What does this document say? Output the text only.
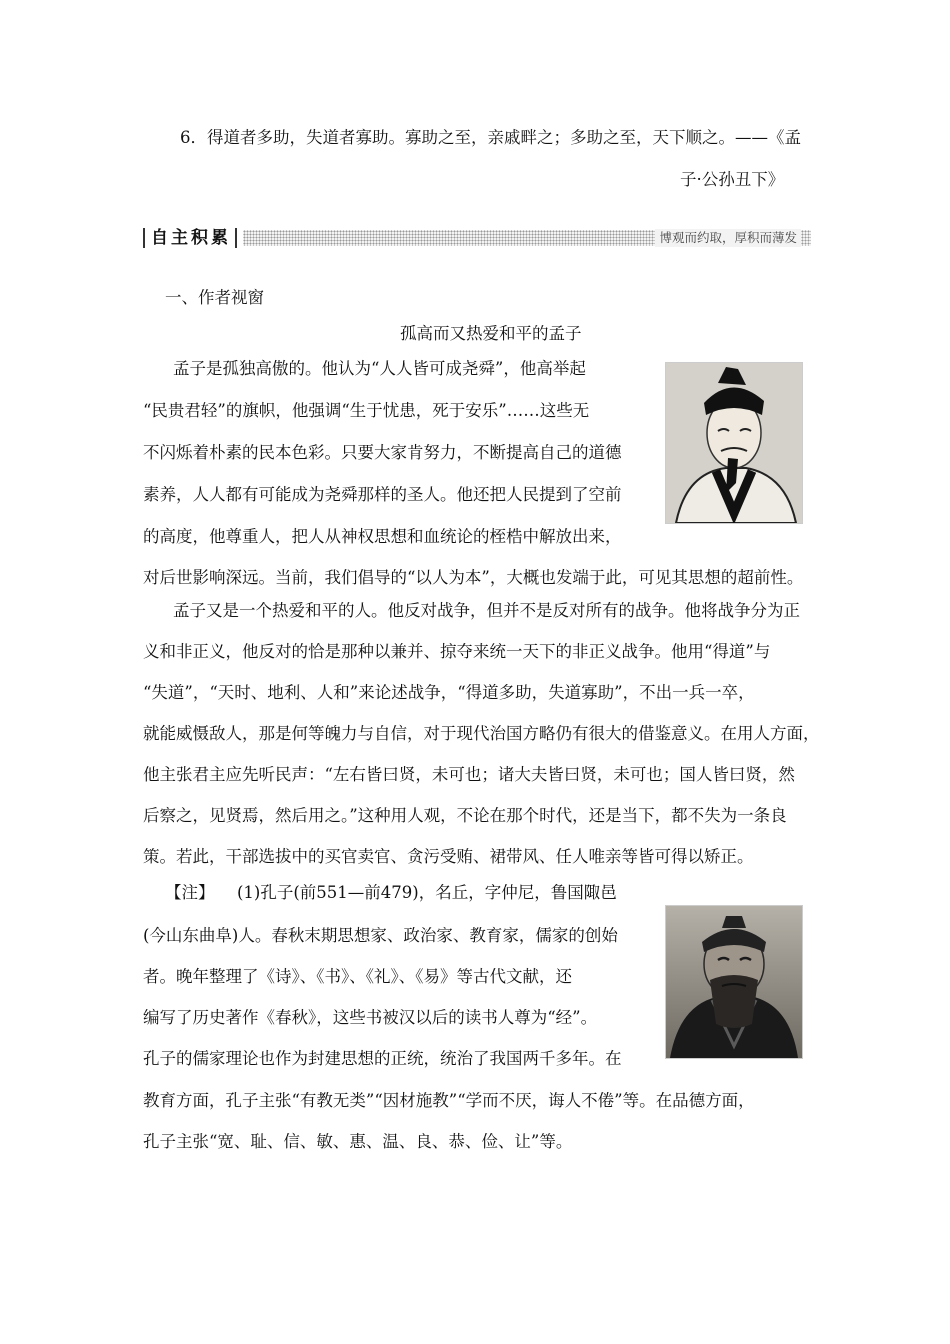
6．得道者多助，失道者寡助。寡助之至，亲戚畔之；多助之至，天下顺之。——《孟
子·公孙丑下》
自主积累	博观而约取，厚积而薄发
一、作者视窗
孤高而又热爱和平的孟子
孟子是孤独高傲的。他认为“人人皆可成尧舜”，他高举起
“民贵君轻”的旗帜，他强调“生于忧患，死于安乐”……这些无
不闪烁着朴素的民本色彩。只要大家肯努力，不断提高自己的道德
素养，人人都有可能成为尧舜那样的圣人。他还把人民提到了空前
的高度，他尊重人，把人从神权思想和血统论的桎梏中解放出来，
对后世影响深远。当前，我们倡导的“以人为本”，大概也发端于此，可见其思想的超前性。
孟子又是一个热爱和平的人。他反对战争，但并不是反对所有的战争。他将战争分为正
义和非正义，他反对的恰是那种以兼并、掠夺来统一天下的非正义战争。他用“得道”与
“失道”，“天时、地利、人和”来论述战争，“得道多助，失道寡助”，不出一兵一卒，
就能威慑敌人，那是何等魄力与自信，对于现代治国方略仍有很大的借鉴意义。在用人方面，
他主张君主应先听民声：“左右皆曰贤，未可也；诸大夫皆曰贤，未可也；国人皆曰贤，然
后察之，见贤焉，然后用之。”这种用人观，不论在那个时代，还是当下，都不失为一条良
策。若此，干部选拔中的买官卖官、贪污受贿、裙带风、任人唯亲等皆可得以矫正。
【注】 (1)孔子(前551—前479)，名丘，字仲尼，鲁国陬邑
(今山东曲阜)人。春秋末期思想家、政治家、教育家，儒家的创始
者。晚年整理了《诗》、《书》、《礼》、《易》等古代文献，还
编写了历史著作《春秋》，这些书被汉以后的读书人尊为“经”。
孔子的儒家理论也作为封建思想的正统，统治了我国两千多年。在
教育方面，孔子主张“有教无类”“因材施教”“学而不厌，诲人不倦”等。在品德方面，
孔子主张“宽、耻、信、敏、惠、温、良、恭、俭、让”等。
